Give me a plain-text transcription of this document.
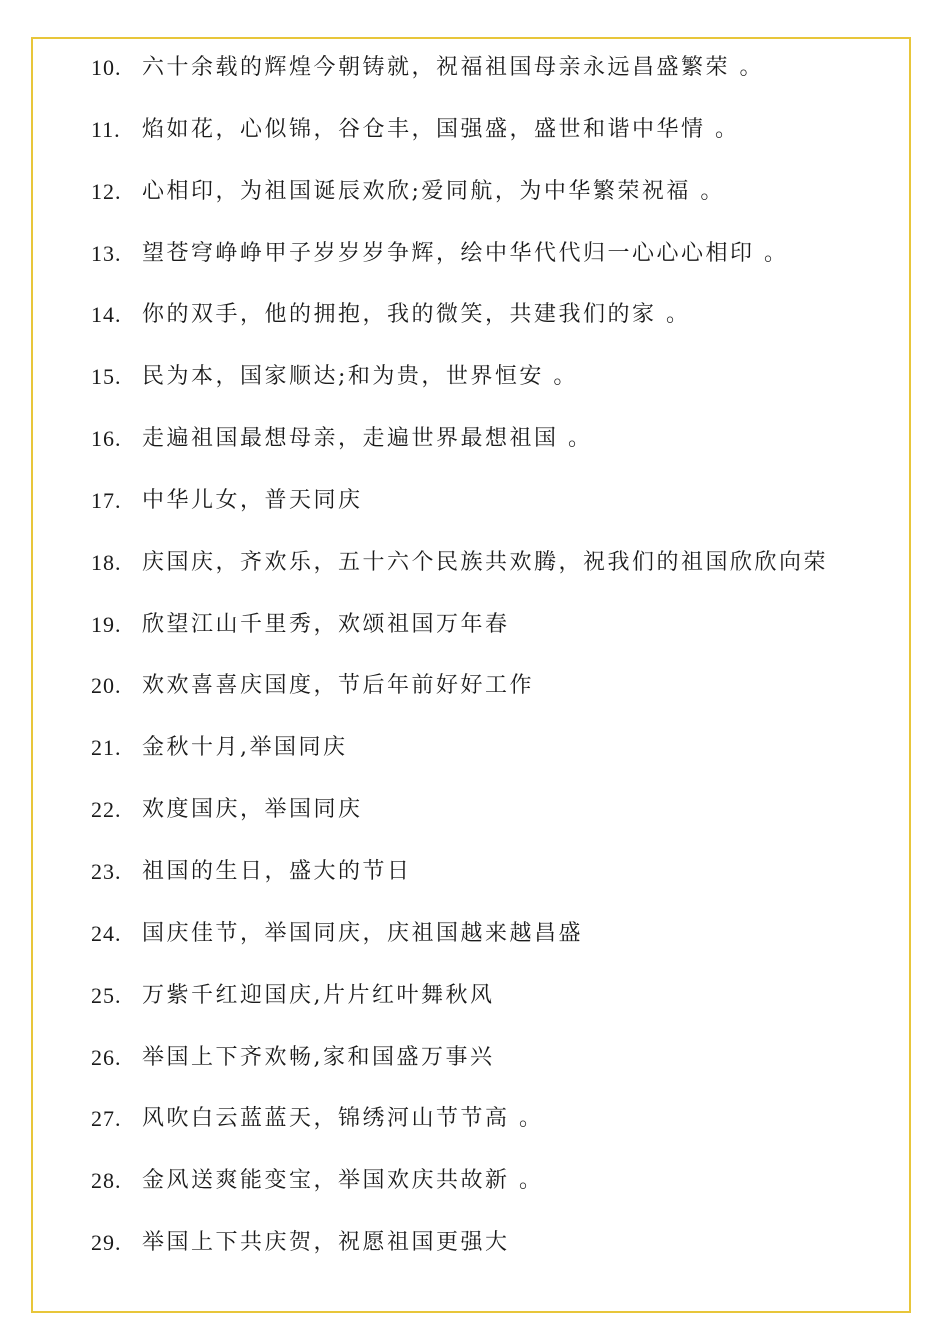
10. 六十余载的辉煌今朝铸就，祝福祖国母亲永远昌盛繁荣 。
11. 焰如花，心似锦，谷仓丰，国强盛，盛世和谐中华情 。
12. 心相印，为祖国诞辰欢欣;爱同航，为中华繁荣祝福 。
13. 望苍穹峥峥甲子岁岁岁争辉，绘中华代代归一心心心相印 。
14. 你的双手，他的拥抱，我的微笑，共建我们的家 。
15. 民为本，国家顺达;和为贵，世界恒安 。
16. 走遍祖国最想母亲，走遍世界最想祖国 。
17. 中华儿女，普天同庆
18. 庆国庆，齐欢乐，五十六个民族共欢腾，祝我们的祖国欣欣向荣
19. 欣望江山千里秀，欢颂祖国万年春
20. 欢欢喜喜庆国度，节后年前好好工作
21. 金秋十月,举国同庆
22. 欢度国庆，举国同庆
23. 祖国的生日，盛大的节日
24. 国庆佳节，举国同庆，庆祖国越来越昌盛
25. 万紫千红迎国庆,片片红叶舞秋风
26. 举国上下齐欢畅,家和国盛万事兴
27. 风吹白云蓝蓝天，锦绣河山节节高 。
28. 金风送爽能变宝，举国欢庆共故新 。
29. 举国上下共庆贺，祝愿祖国更强大
